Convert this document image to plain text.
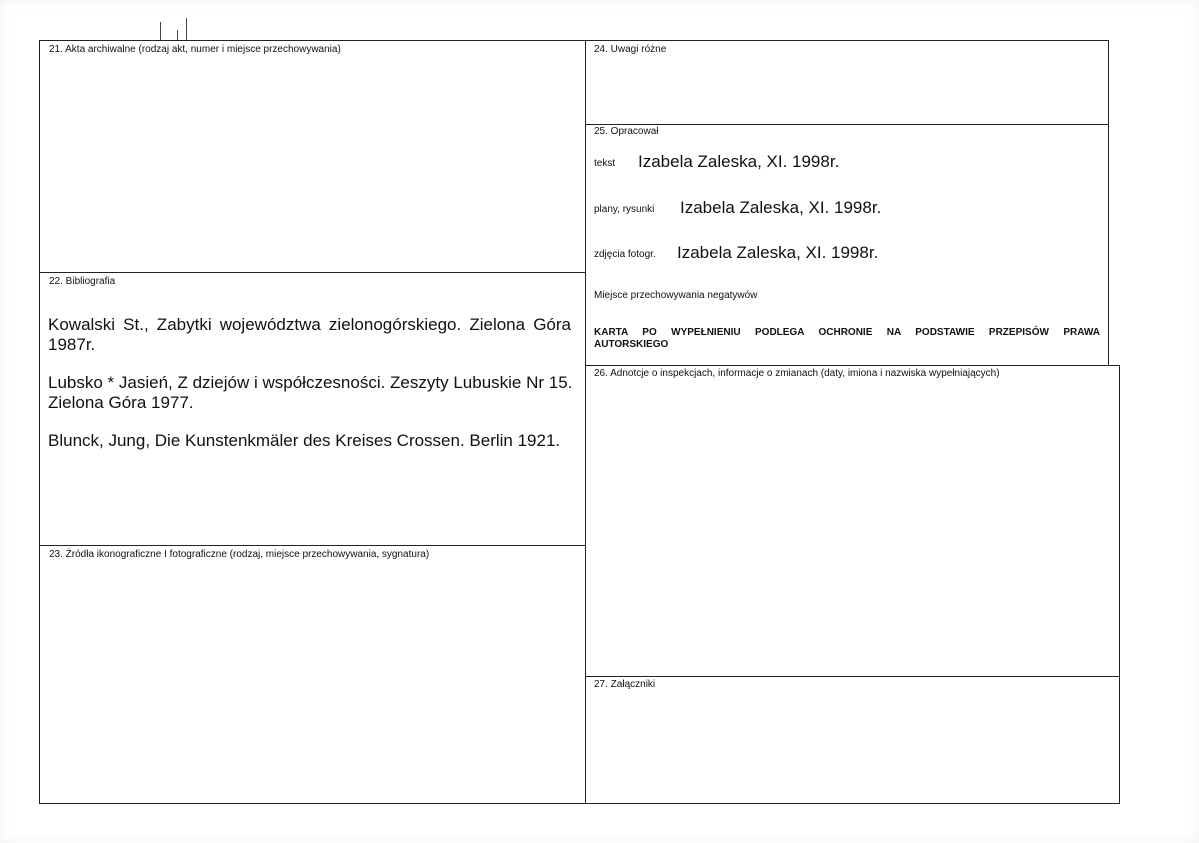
21. Akta archiwalne (rodzaj akt, numer i miejsce przechowywania)
22. Bibliografia
Kowalski St., Zabytki województwa zielonogórskiego. Zielona Góra
1987r.
Lubsko * Jasień, Z dziejów i współczesności. Zeszyty Lubuskie Nr 15.
Zielona Góra 1977.
Blunck, Jung, Die Kunstenkmäler des Kreises Crossen. Berlin 1921.
23. Źródła ikonograficzne I fotograficzne (rodzaj, miejsce przechowywania, sygnatura)
24. Uwagi różne
25. Opracował
tekst Izabela Zaleska, XI. 1998r.
plany, rysunki Izabela Zaleska, XI. 1998r.
zdjęcia fotogr. Izabela Zaleska, XI. 1998r.
Miejsce przechowywania negatywów
KARTA PO WYPEŁNIENIU PODLEGA OCHRONIE NA PODSTAWIE PRZEPISÓW PRAWA
AUTORSKIEGO
26. Adnotcje o inspekcjach, informacje o zmianach (daty, imiona i nazwiska wypełniających)
27. Załączniki
